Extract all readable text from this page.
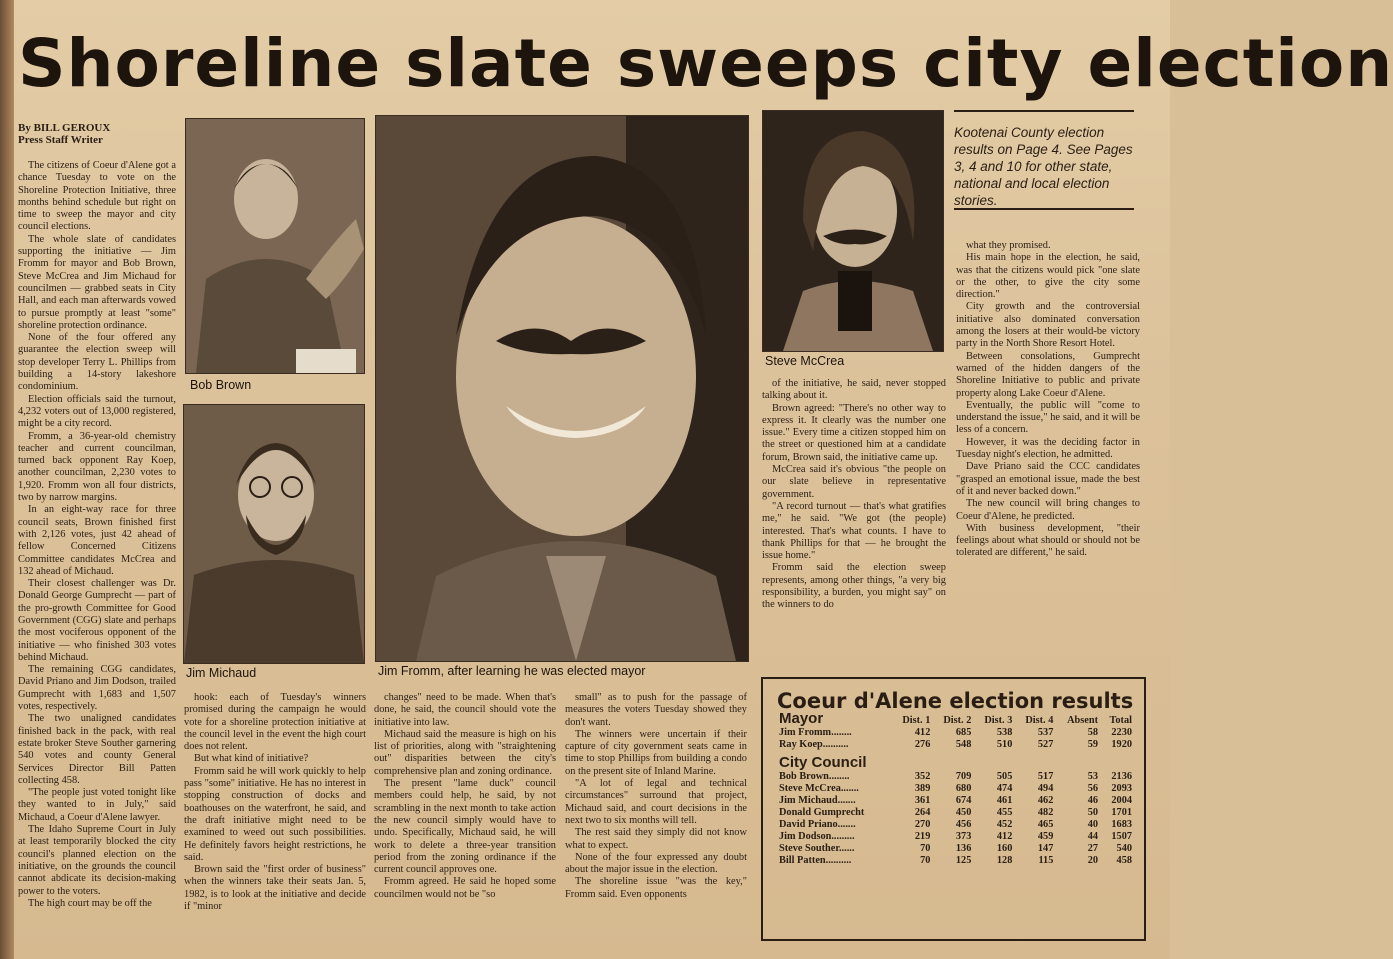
Shoreline slate sweeps city election
By BILL GEROUX
Press Staff Writer

The citizens of Coeur d'Alene got a chance Tuesday to vote on the Shoreline Protection Initiative, three months behind schedule but right on time to sweep the mayor and city council elections.

The whole slate of candidates supporting the initiative — Jim Fromm for mayor and Bob Brown, Steve McCrea and Jim Michaud for councilmen — grabbed seats in City Hall, and each man afterwards vowed to pursue promptly at least "some" shoreline protection ordinance.

None of the four offered any guarantee the election sweep will stop developer Terry L. Phillips from building a 14-story lakeshore condominium.

Election officials said the turnout, 4,232 voters out of 13,000 registered, might be a city record.

Fromm, a 36-year-old chemistry teacher and current councilman, turned back opponent Ray Koep, another councilman, 2,230 votes to 1,920. Fromm won all four districts, two by narrow margins.

In an eight-way race for three council seats, Brown finished first with 2,126 votes, just 42 ahead of fellow Concerned Citizens Committee candidates McCrea and 132 ahead of Michaud.

Their closest challenger was Dr. Donald George Gumprecht — part of the pro-growth Committee for Good Government (CGG) slate and perhaps the most vociferous opponent of the initiative — who finished 303 votes behind Michaud.

The remaining CGG candidates, David Priano and Jim Dodson, trailed Gumprecht with 1,683 and 1,507 votes, respectively.

The two unaligned candidates finished back in the pack, with real estate broker Steve Souther garnering 540 votes and county General Services Director Bill Patten collecting 458.

"The people just voted tonight like they wanted to in July," said Michaud, a Coeur d'Alene lawyer.

The Idaho Supreme Court in July at least temporarily blocked the city council's planned election on the initiative, on the grounds the council cannot abdicate its decision-making power to the voters.

The high court may be off the

Bob Brown
Jim Michaud	Jim Fromm, after learning he was elected mayor
Steve McCrea
Kootenai County election results on Page 4. See Pages 3, 4 and 10 for other state, national and local election stories.

hook: each of Tuesday's winners promised during the campaign he would vote for a shoreline protection initiative at the council level in the event the high court does not relent.

But what kind of initiative?

Fromm said he will work quickly to help pass "some" initiative. He has no interest in stopping construction of docks and boathouses on the waterfront, he said, and the draft initiative might need to be examined to weed out such possibilities. He definitely favors height restrictions, he said.

Brown said the "first order of business" when the winners take their seats Jan. 5, 1982, is to look at the initiative and decide if "minor

changes" need to be made. When that's done, he said, the council should vote the initiative into law.

Michaud said the measure is high on his list of priorities, along with "straightening out" disparities between the city's comprehensive plan and zoning ordinance.

The present "lame duck" council members could help, he said, by not scrambling in the next month to take action the new council simply would have to undo. Specifically, Michaud said, he will work to delete a three-year transition period from the zoning ordinance if the current council approves one.

Fromm agreed. He said he hoped some councilmen would not be "so

small" as to push for the passage of measures the voters Tuesday showed they don't want.

The winners were uncertain if their capture of city government seats came in time to stop Phillips from building a condo on the present site of Inland Marine.

"A lot of legal and technical circumstances" surround that project, Michaud said, and court decisions in the next two to six months will tell.

The rest said they simply did not know what to expect.

None of the four expressed any doubt about the major issue in the election.

The shoreline issue "was the key," Fromm said. Even opponents

of the initiative, he said, never stopped talking about it.

Brown agreed: "There's no other way to express it. It clearly was the number one issue." Every time a citizen stopped him on the street or questioned him at a candidate forum, Brown said, the initiative came up.

McCrea said it's obvious "the people on our slate believe in representative government.

"A record turnout — that's what gratifies me," he said. "We got (the people) interested. That's what counts. I have to thank Phillips for that — he brought the issue home."

Fromm said the election sweep represents, among other things, "a very big responsibility, a burden, you might say" on the winners to do

what they promised.

His main hope in the election, he said, was that the citizens would pick "one slate or the other, to give the city some direction."

City growth and the controversial initiative also dominated conversation among the losers at their would-be victory party in the North Shore Resort Hotel.

Between consolations, Gumprecht warned of the hidden dangers of the Shoreline Initiative to public and private property along Lake Coeur d'Alene.

Eventually, the public will "come to understand the issue," he said, and it will be less of a concern.

However, it was the deciding factor in Tuesday night's election, he admitted.

Dave Priano said the CCC candidates "grasped an emotional issue, made the best of it and never backed down."

The new council will bring changes to Coeur d'Alene, he predicted.

With business development, "their feelings about what should or should not be tolerated are different," he said.

Coeur d'Alene election results
Mayor	Dist. 1	Dist. 2	Dist. 3	Dist. 4	Absent	Total
Jim Fromm........	412	685	538	537	58	2230
Ray Koep..........	276	548	510	527	59	1920
City Council						
Bob Brown........	352	709	505	517	53	2136
Steve McCrea.......	389	680	474	494	56	2093
Jim Michaud.......	361	674	461	462	46	2004
Donald Gumprecht	264	450	455	482	50	1701
David Priano.......	270	456	452	465	40	1683
Jim Dodson.........	219	373	412	459	44	1507
Steve Souther......	70	136	160	147	27	540
Bill Patten..........	70	125	128	115	20	458
